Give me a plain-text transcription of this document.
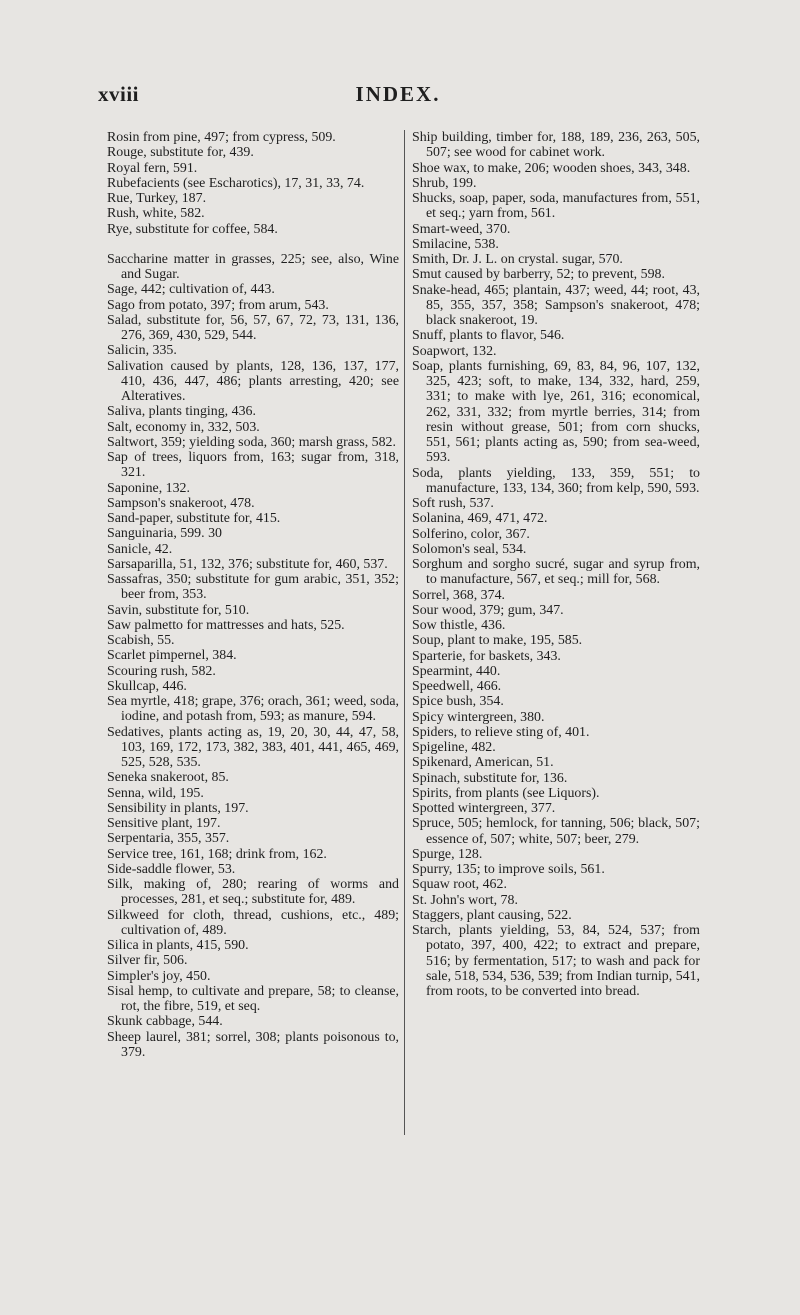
xviii	INDEX.
Rosin from pine, 497; from cypress, 509.
Rouge, substitute for, 439.
Royal fern, 591.
Rubefacients (see Escharotics), 17, 31, 33, 74.
Rue, Turkey, 187.
Rush, white, 582.
Rye, substitute for coffee, 584.
Saccharine matter in grasses, 225; see, also, Wine and Sugar.
Sage, 442; cultivation of, 443.
Sago from potato, 397; from arum, 543.
Salad, substitute for, 56, 57, 67, 72, 73, 131, 136, 276, 369, 430, 529, 544.
Salicin, 335.
Salivation caused by plants, 128, 136, 137, 177, 410, 436, 447, 486; plants arresting, 420; see Alteratives.
Saliva, plants tinging, 436.
Salt, economy in, 332, 503.
Saltwort, 359; yielding soda, 360; marsh grass, 582.
Sap of trees, liquors from, 163; sugar from, 318, 321.
Saponine, 132.
Sampson's snakeroot, 478.
Sand-paper, substitute for, 415.
Sanguinaria, 599. 30
Sanicle, 42.
Sarsaparilla, 51, 132, 376; substitute for, 460, 537.
Sassafras, 350; substitute for gum arabic, 351, 352; beer from, 353.
Savin, substitute for, 510.
Saw palmetto for mattresses and hats, 525.
Scabish, 55.
Scarlet pimpernel, 384.
Scouring rush, 582.
Skullcap, 446.
Sea myrtle, 418; grape, 376; orach, 361; weed, soda, iodine, and potash from, 593; as manure, 594.
Sedatives, plants acting as, 19, 20, 30, 44, 47, 58, 103, 169, 172, 173, 382, 383, 401, 441, 465, 469, 525, 528, 535.
Seneka snakeroot, 85.
Senna, wild, 195.
Sensibility in plants, 197.
Sensitive plant, 197.
Serpentaria, 355, 357.
Service tree, 161, 168; drink from, 162.
Side-saddle flower, 53.
Silk, making of, 280; rearing of worms and processes, 281, et seq.; substitute for, 489.
Silkweed for cloth, thread, cushions, etc., 489; cultivation of, 489.
Silica in plants, 415, 590.
Silver fir, 506.
Simpler's joy, 450.
Sisal hemp, to cultivate and prepare, 58; to cleanse, rot, the fibre, 519, et seq.
Skunk cabbage, 544.
Sheep laurel, 381; sorrel, 308; plants poisonous to, 379.
Ship building, timber for, 188, 189, 236, 263, 505, 507; see wood for cabinet work.
Shoe wax, to make, 206; wooden shoes, 343, 348.
Shrub, 199.
Shucks, soap, paper, soda, manufactures from, 551, et seq.; yarn from, 561.
Smart-weed, 370.
Smilacine, 538.
Smith, Dr. J. L. on crystal. sugar, 570.
Smut caused by barberry, 52; to prevent, 598.
Snake-head, 465; plantain, 437; weed, 44; root, 43, 85, 355, 357, 358; Sampson's snakeroot, 478; black snakeroot, 19.
Snuff, plants to flavor, 546.
Soapwort, 132.
Soap, plants furnishing, 69, 83, 84, 96, 107, 132, 325, 423; soft, to make, 134, 332, hard, 259, 331; to make with lye, 261, 316; economical, 262, 331, 332; from myrtle berries, 314; from resin without grease, 501; from corn shucks, 551, 561; plants acting as, 590; from sea-weed, 593.
Soda, plants yielding, 133, 359, 551; to manufacture, 133, 134, 360; from kelp, 590, 593.
Soft rush, 537.
Solanina, 469, 471, 472.
Solferino, color, 367.
Solomon's seal, 534.
Sorghum and sorgho sucré, sugar and syrup from, to manufacture, 567, et seq.; mill for, 568.
Sorrel, 368, 374.
Sour wood, 379; gum, 347.
Sow thistle, 436.
Soup, plant to make, 195, 585.
Sparterie, for baskets, 343.
Spearmint, 440.
Speedwell, 466.
Spice bush, 354.
Spicy wintergreen, 380.
Spiders, to relieve sting of, 401.
Spigeline, 482.
Spikenard, American, 51.
Spinach, substitute for, 136.
Spirits, from plants (see Liquors).
Spotted wintergreen, 377.
Spruce, 505; hemlock, for tanning, 506; black, 507; essence of, 507; white, 507; beer, 279.
Spurge, 128.
Spurry, 135; to improve soils, 561.
Squaw root, 462.
St. John's wort, 78.
Staggers, plant causing, 522.
Starch, plants yielding, 53, 84, 524, 537; from potato, 397, 400, 422; to extract and prepare, 516; by fermentation, 517; to wash and pack for sale, 518, 534, 536, 539; from Indian turnip, 541, from roots, to be converted into bread.
